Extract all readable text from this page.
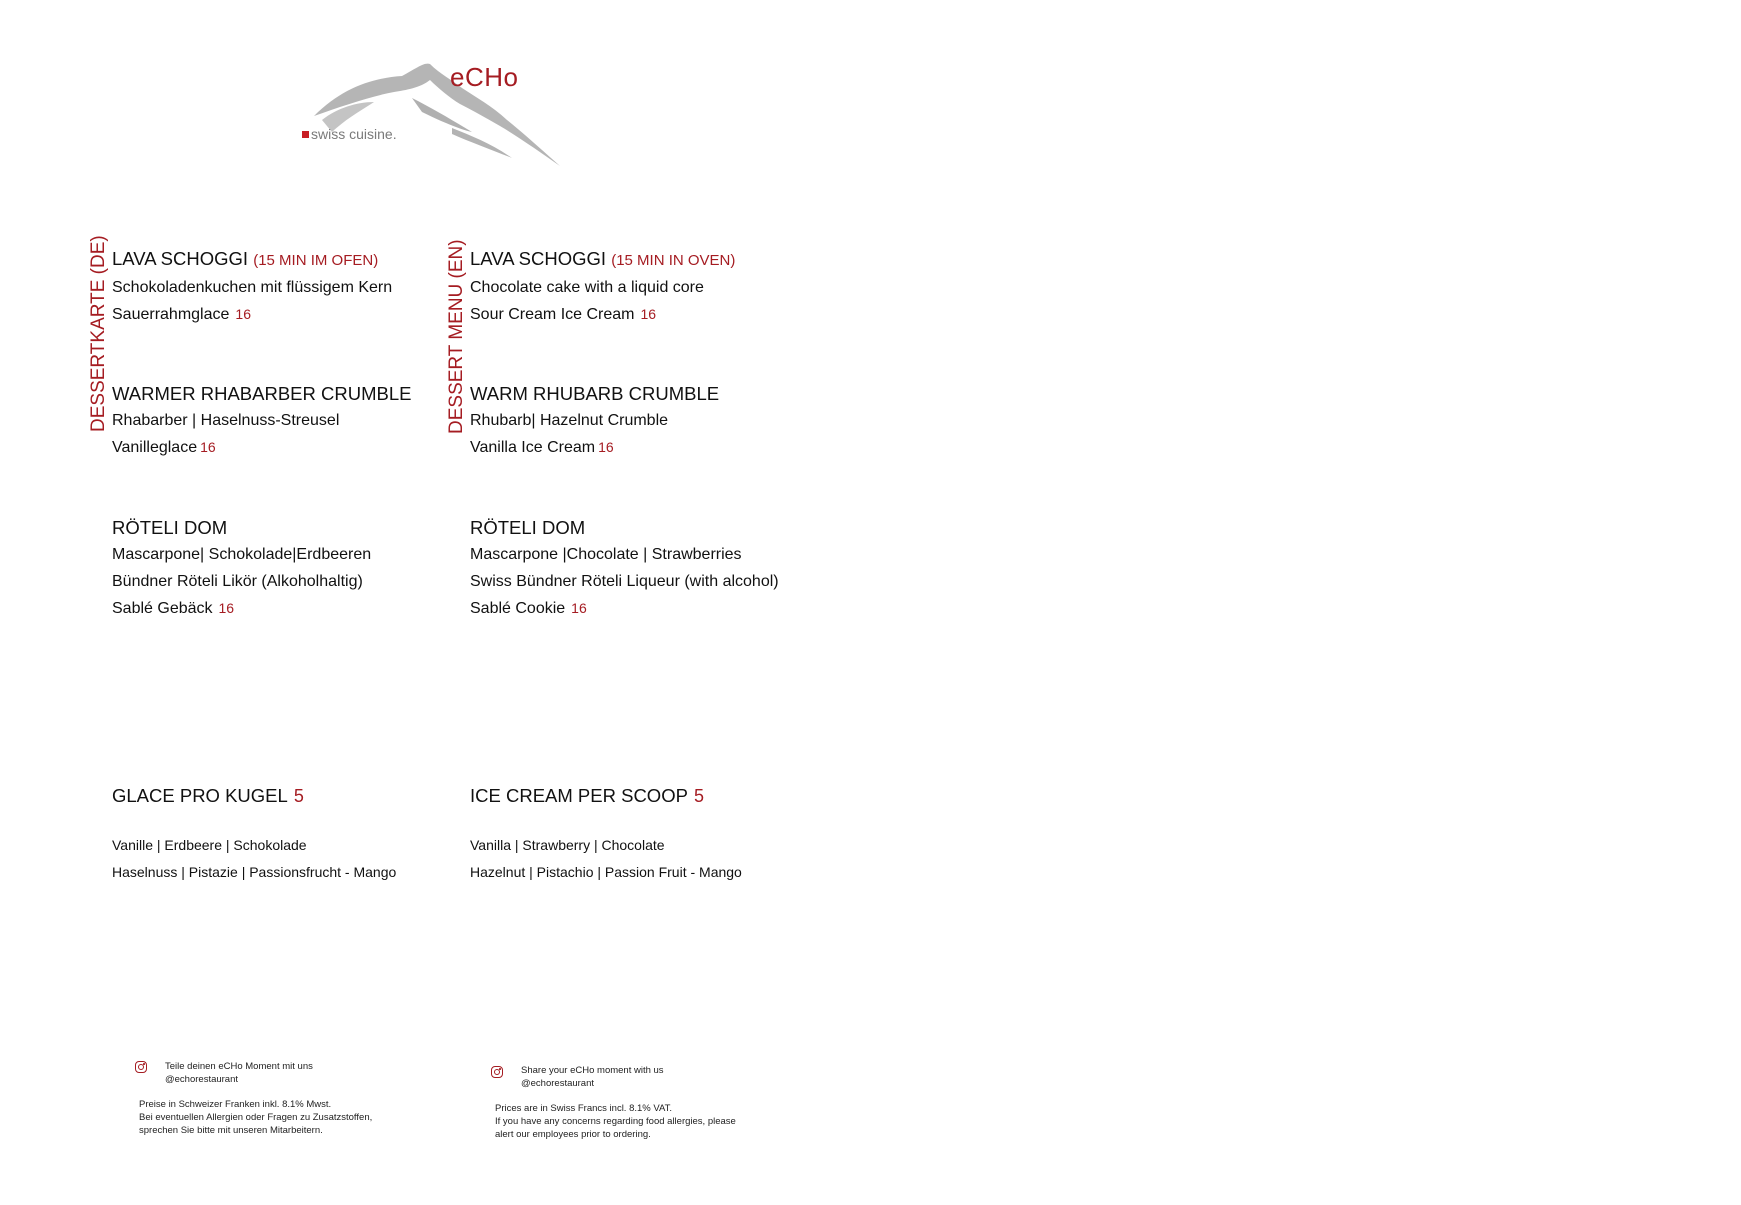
eCHo
swiss cuisine.
DESSERTKARTE (DE)	DESSERT MENU (EN)
LAVA SCHOGGI (15 MIN IM OFEN)
Schokoladenkuchen mit flüssigem Kern
Sauerrahmglace 16
WARMER RHABARBER CRUMBLE
Rhabarber | Haselnuss-Streusel
Vanilleglace 16
RÖTELI DOM
Mascarpone| Schokolade|Erdbeeren
Bündner Röteli Likör (Alkoholhaltig)
Sablé Gebäck 16
GLACE PRO KUGEL 5
Vanille | Erdbeere | Schokolade
Haselnuss | Pistazie | Passionsfrucht - Mango
LAVA SCHOGGI (15 MIN IN OVEN)
Chocolate cake with a liquid core
Sour Cream Ice Cream 16
WARM RHUBARB CRUMBLE
Rhubarb| Hazelnut Crumble
Vanilla Ice Cream 16
RÖTELI DOM
Mascarpone |Chocolate | Strawberries
Swiss Bündner Röteli Liqueur (with alcohol)
Sablé Cookie 16
ICE CREAM PER SCOOP 5
Vanilla | Strawberry | Chocolate
Hazelnut | Pistachio | Passion Fruit - Mango
Teile deinen eCHo Moment mit uns
@echorestaurant
Preise in Schweizer Franken inkl. 8.1% Mwst.
Bei eventuellen Allergien oder Fragen zu Zusatzstoffen,
sprechen Sie bitte mit unseren Mitarbeitern.
Share your eCHo moment with us
@echorestaurant
Prices are in Swiss Francs incl. 8.1% VAT.
If you have any concerns regarding food allergies, please
alert our employees prior to ordering.
